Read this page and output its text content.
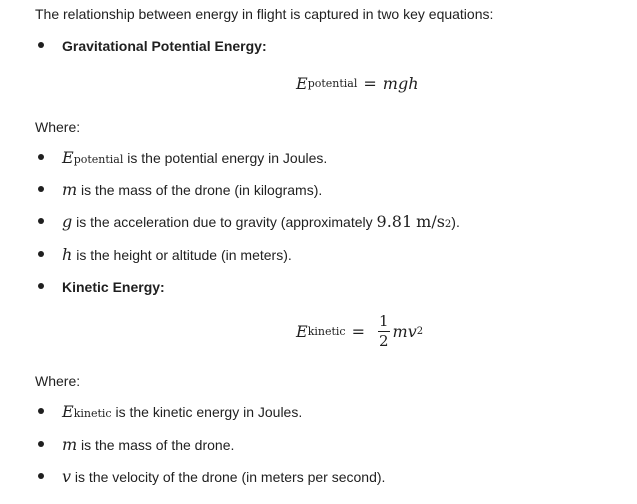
The relationship between energy in flight is captured in two key equations:
Gravitational Potential Energy:
E potential = mgh
Where:
E potential is the potential energy in Joules.
m is the mass of the drone (in kilograms).
g is the acceleration due to gravity (approximately 9.81 m/s 2 ).
h is the height or altitude (in meters).
Kinetic Energy:
E kinetic = $\frac{1}{2}$ mv 2
Where:
E kinetic is the kinetic energy in Joules.
m is the mass of the drone.
v is the velocity of the drone (in meters per second).
